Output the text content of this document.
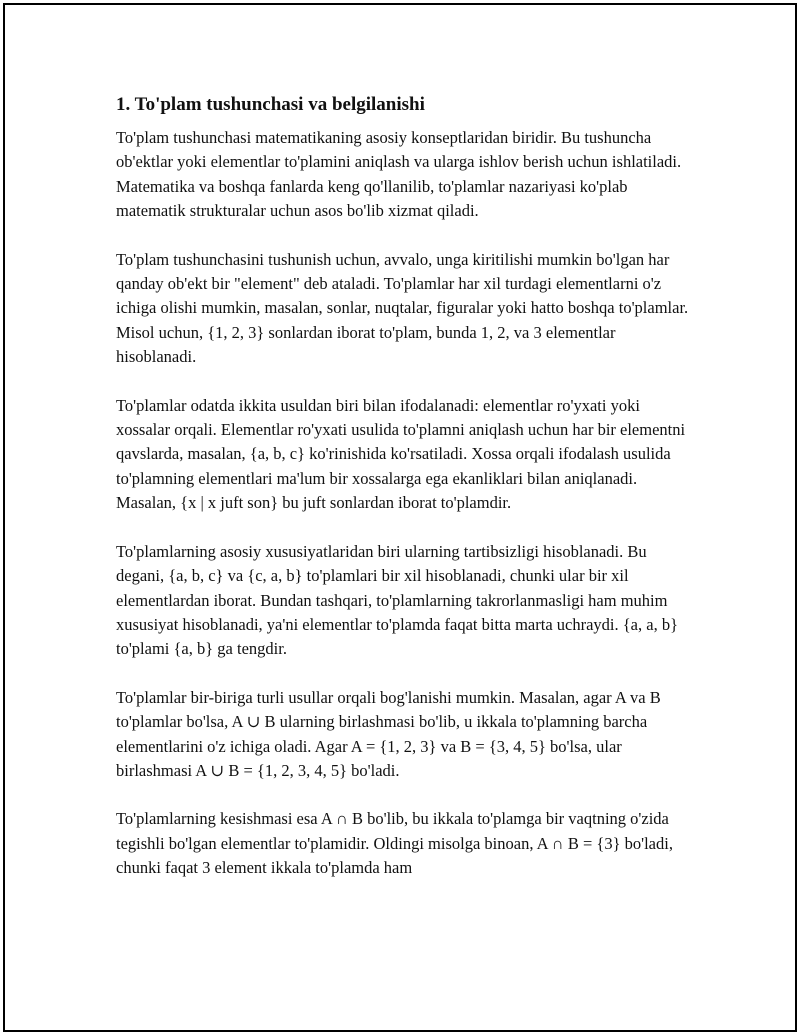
1. To'plam tushunchasi va belgilanishi

To'plam tushunchasi matematikaning asosiy konseptlaridan biridir. Bu tushuncha ob'ektlar yoki elementlar to'plamini aniqlash va ularga ishlov berish uchun ishlatiladi. Matematika va boshqa fanlarda keng qo'llanilib, to'plamlar nazariyasi ko'plab matematik strukturalar uchun asos bo'lib xizmat qiladi.

To'plam tushunchasini tushunish uchun, avvalo, unga kiritilishi mumkin bo'lgan har qanday ob'ekt bir "element" deb ataladi. To'plamlar har xil turdagi elementlarni o'z ichiga olishi mumkin, masalan, sonlar, nuqtalar, figuralar yoki hatto boshqa to'plamlar. Misol uchun, {1, 2, 3} sonlardan iborat to'plam, bunda 1, 2, va 3 elementlar hisoblanadi.

To'plamlar odatda ikkita usuldan biri bilan ifodalanadi: elementlar ro'yxati yoki xossalar orqali. Elementlar ro'yxati usulida to'plamni aniqlash uchun har bir elementni qavslarda, masalan, {a, b, c} ko'rinishida ko'rsatiladi. Xossa orqali ifodalash usulida to'plamning elementlari ma'lum bir xossalarga ega ekanliklari bilan aniqlanadi. Masalan, {x | x juft son} bu juft sonlardan iborat to'plamdir.

To'plamlarning asosiy xususiyatlaridan biri ularning tartibsizligi hisoblanadi. Bu degani, {a, b, c} va {c, a, b} to'plamlari bir xil hisoblanadi, chunki ular bir xil elementlardan iborat. Bundan tashqari, to'plamlarning takrorlanmasligi ham muhim xususiyat hisoblanadi, ya'ni elementlar to'plamda faqat bitta marta uchraydi. {a, a, b} to'plami {a, b} ga tengdir.

To'plamlar bir-biriga turli usullar orqali bog'lanishi mumkin. Masalan, agar A va B to'plamlar bo'lsa, A ∪ B ularning birlashmasi bo'lib, u ikkala to'plamning barcha elementlarini o'z ichiga oladi. Agar A = {1, 2, 3} va B = {3, 4, 5} bo'lsa, ular birlashmasi A ∪ B = {1, 2, 3, 4, 5} bo'ladi.

To'plamlarning kesishmasi esa A ∩ B bo'lib, bu ikkala to'plamga bir vaqtning o'zida tegishli bo'lgan elementlar to'plamidir. Oldingi misolga binoan, A ∩ B = {3} bo'ladi, chunki faqat 3 element ikkala to'plamda ham
